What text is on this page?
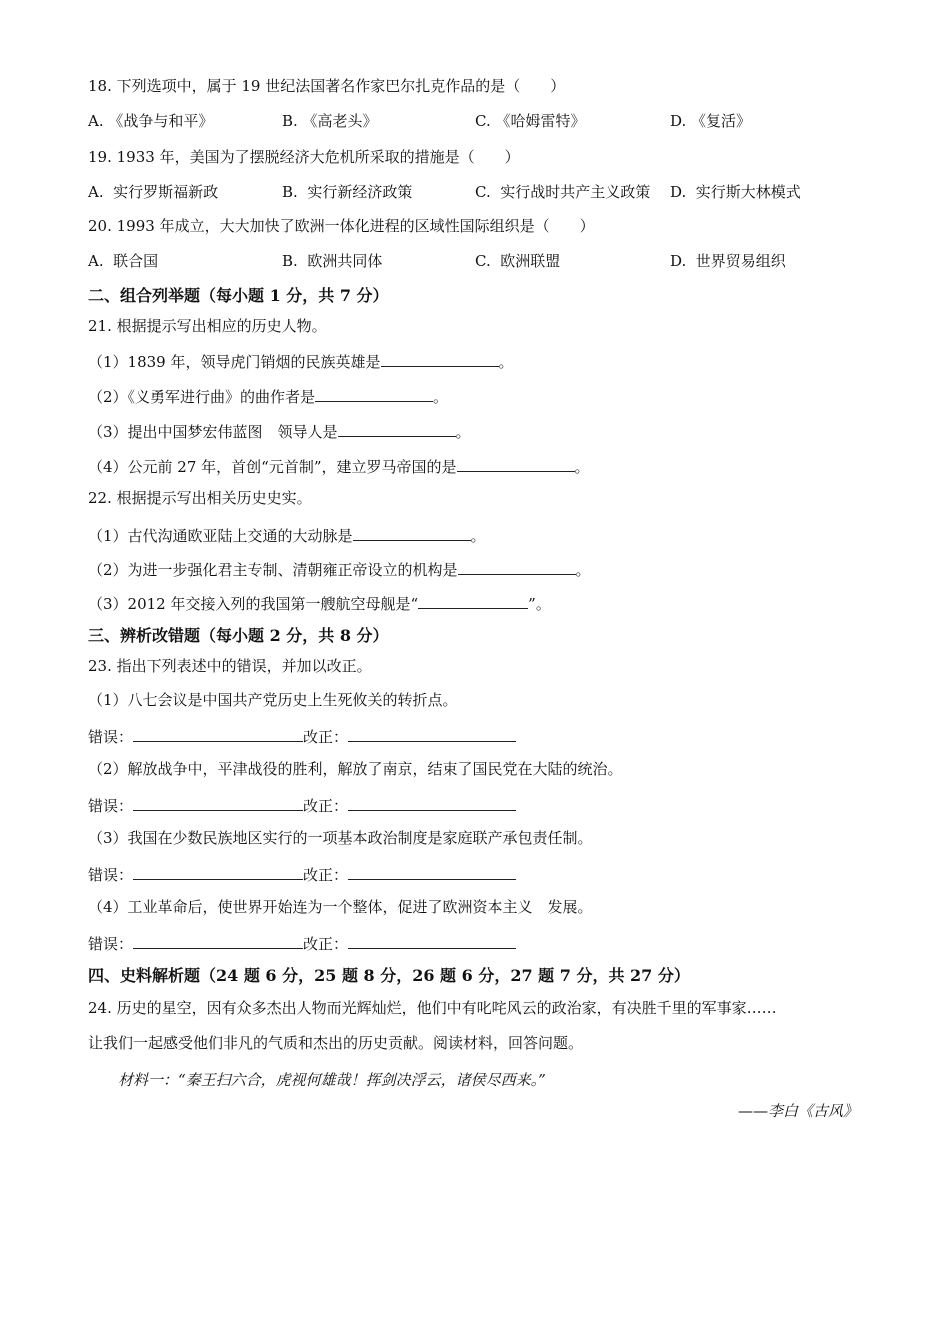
18. 下列选项中，属于 19 世纪法国著名作家巴尔扎克作品的是（　　）
A. 《战争与和平》	B. 《高老头》	C. 《哈姆雷特》	D. 《复活》
19. 1933 年，美国为了摆脱经济大危机所采取的措施是（　　）
A.  实行罗斯福新政	B.  实行新经济政策	C.  实行战时共产主义政策 D.  实行斯大林模式
20. 1993 年成立，大大加快了欧洲一体化进程的区域性国际组织是（　　）
A.  联合国	B.  欧洲共同体	C.  欧洲联盟	D.  世界贸易组织
二、组合列举题（每小题 1 分，共 7 分）
21. 根据提示写出相应的历史人物。
（1）1839 年，领导虎门销烟的民族英雄是	。
（2）《义勇军进行曲》的曲作者是	。
（3）提出中国梦宏伟蓝图　领导人是	。
（4）公元前 27 年，首创“元首制”，建立罗马帝国的是	。
22. 根据提示写出相关历史史实。
（1）古代沟通欧亚陆上交通的大动脉是	。
（2）为进一步强化君主专制、清朝雍正帝设立的机构是	。
（3）2012 年交接入列的我国第一艘航空母舰是“	”。
三、辨析改错题（每小题 2 分，共 8 分）
23. 指出下列表述中的错误，并加以改正。
（1）八七会议是中国共产党历史上生死攸关的转折点。
错误：	改正：
（2）解放战争中，平津战役的胜利，解放了南京，结束了国民党在大陆的统治。
错误：	改正：
（3）我国在少数民族地区实行的一项基本政治制度是家庭联产承包责任制。
错误：	改正：
（4）工业革命后，使世界开始连为一个整体，促进了欧洲资本主义　发展。
错误：	改正：
四、史料解析题（24 题 6 分，25 题 8 分，26 题 6 分，27 题 7 分，共 27 分）
24. 历史的星空，因有众多杰出人物而光辉灿烂，他们中有叱咤风云的政治家，有决胜千里的军事家……
让我们一起感受他们非凡的气质和杰出的历史贡献。阅读材料，回答问题。
材料一：“秦王扫六合，虎视何雄哉！挥剑决浮云，诸侯尽西来。”
——李白《古风》
